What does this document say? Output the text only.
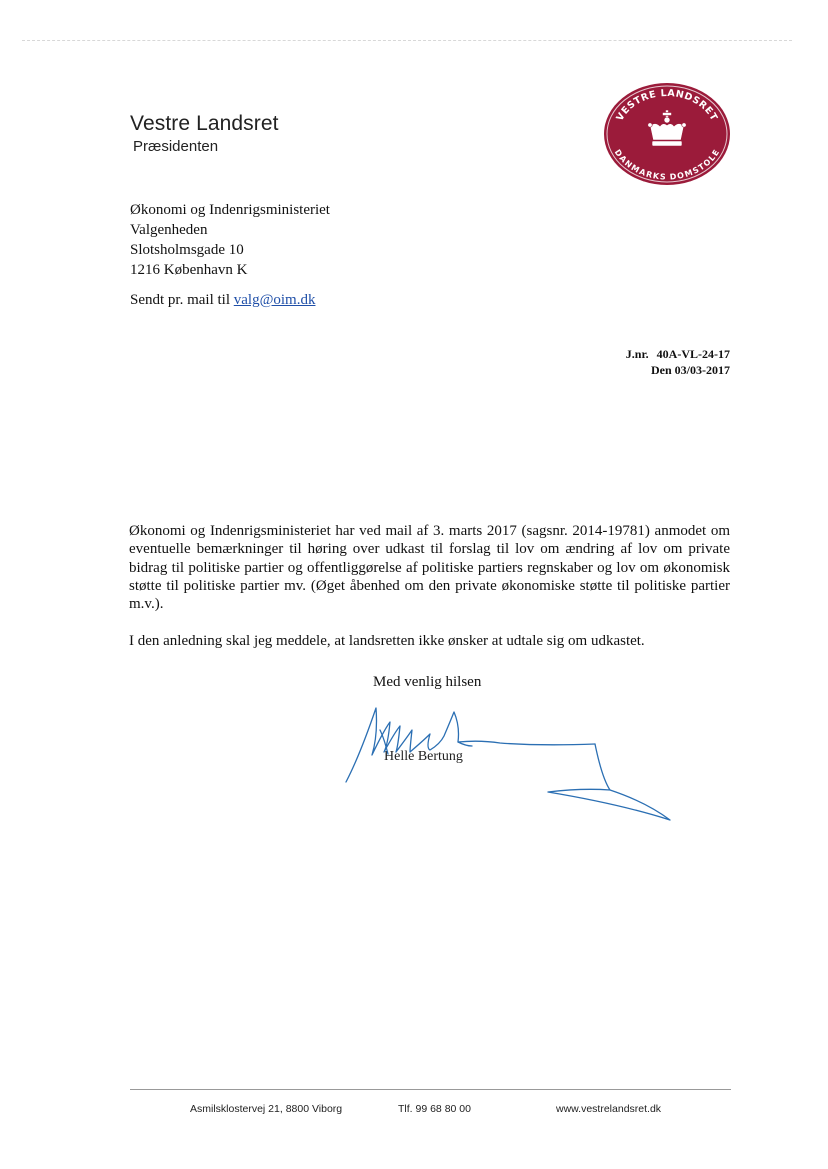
Vestre Landsret
Præsidenten
VESTRE LANDSRET
DANMARKS DOMSTOLE
Økonomi og Indenrigsministeriet
Valgenheden
Slotsholmsgade 10
1216 København K
Sendt pr. mail til valg@oim.dk
J.nr. 40A-VL-24-17
Den 03/03-2017

Økonomi og Indenrigsministeriet har ved mail af 3. marts 2017 (sagsnr. 2014-19781) anmodet om eventuelle bemærkninger til høring over udkast til forslag til lov om ændring af lov om private bidrag til politiske partier og offentliggørelse af politiske partiers regnskaber og lov om økonomisk støtte til politiske partier mv. (Øget åbenhed om den private økonomiske støtte til politiske partier m.v.).

I den anledning skal jeg meddele, at landsretten ikke ønsker at udtale sig om udkastet.

Med venlig hilsen
Helle Bertung
Asmilsklostervej 21, 8800 Viborg	Tlf. 99 68 80 00	www.vestrelandsret.dk
